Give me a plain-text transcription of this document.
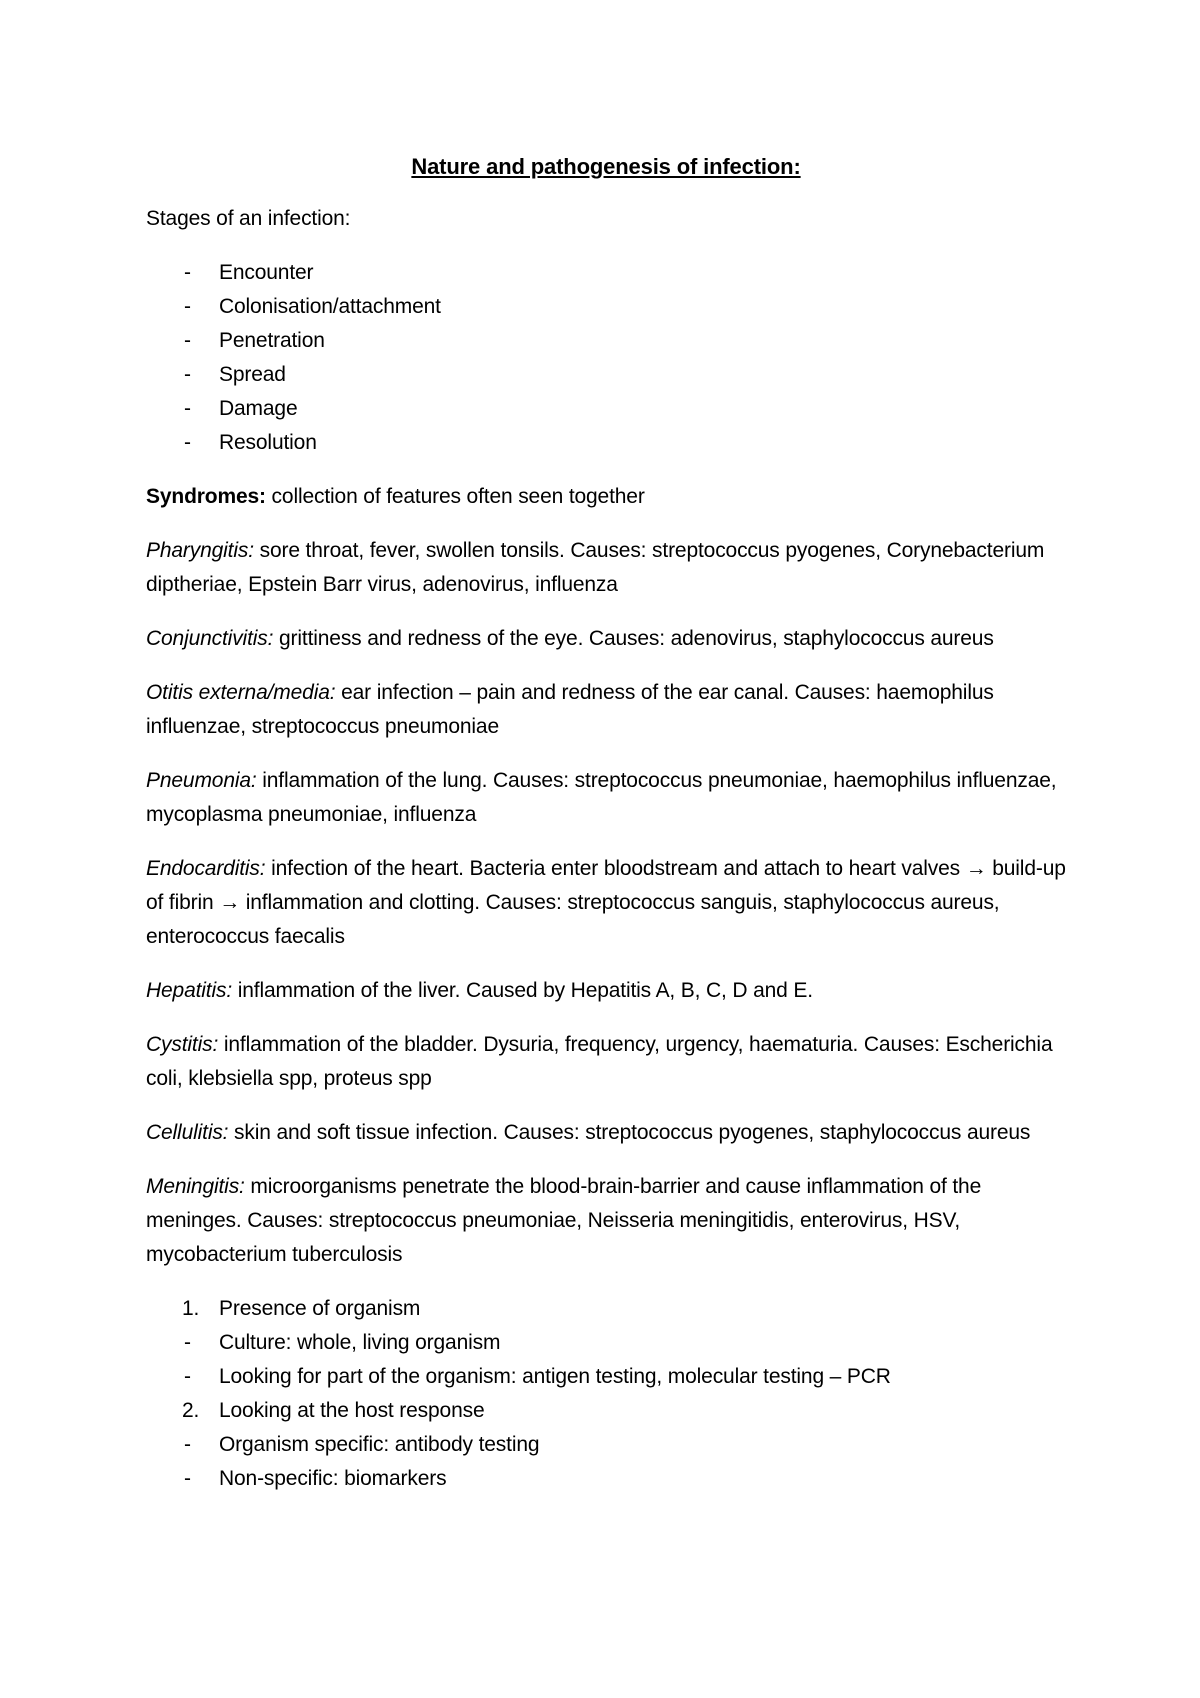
Nature and pathogenesis of infection:

Stages of an infection:

- Encounter
- Colonisation/attachment
- Penetration
- Spread
- Damage
- Resolution

Syndromes: collection of features often seen together

Pharyngitis: sore throat, fever, swollen tonsils. Causes: streptococcus pyogenes, Corynebacterium diptheriae, Epstein Barr virus, adenovirus, influenza

Conjunctivitis: grittiness and redness of the eye. Causes: adenovirus, staphylococcus aureus

Otitis externa/media: ear infection – pain and redness of the ear canal. Causes: haemophilus influenzae, streptococcus pneumoniae

Pneumonia: inflammation of the lung. Causes: streptococcus pneumoniae, haemophilus influenzae, mycoplasma pneumoniae, influenza

Endocarditis: infection of the heart. Bacteria enter bloodstream and attach to heart valves → build-up of fibrin → inflammation and clotting. Causes: streptococcus sanguis, staphylococcus aureus, enterococcus faecalis

Hepatitis: inflammation of the liver. Caused by Hepatitis A, B, C, D and E.

Cystitis: inflammation of the bladder. Dysuria, frequency, urgency, haematuria. Causes: Escherichia coli, klebsiella spp, proteus spp

Cellulitis: skin and soft tissue infection. Causes: streptococcus pyogenes, staphylococcus aureus

Meningitis: microorganisms penetrate the blood-brain-barrier and cause inflammation of the meninges. Causes: streptococcus pneumoniae, Neisseria meningitidis, enterovirus, HSV, mycobacterium tuberculosis

1. Presence of organism
- Culture: whole, living organism
- Looking for part of the organism: antigen testing, molecular testing – PCR
2. Looking at the host response
- Organism specific: antibody testing
- Non-specific: biomarkers
